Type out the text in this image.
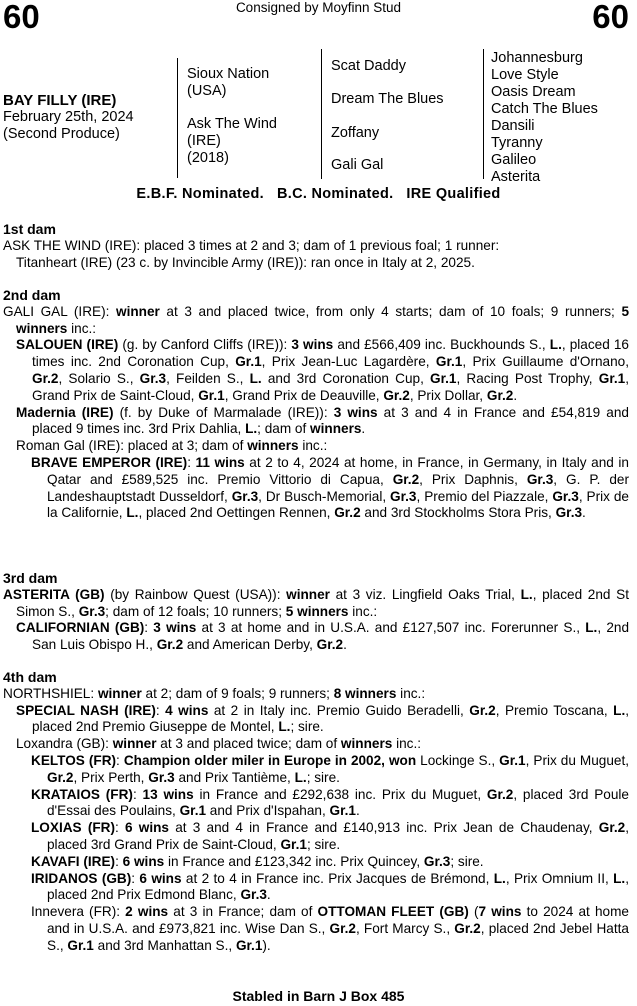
60	60
Consigned by Moyfinn Stud
BAY FILLY (IRE)
February 25th, 2024
(Second Produce)
Sioux Nation
(USA)
Ask The Wind
(IRE)
(2018)
Scat Daddy
Dream The Blues
Zoffany
Gali Gal
Johannesburg
Love Style
Oasis Dream
Catch The Blues
Dansili
Tyranny
Galileo
Asterita
E.B.F. Nominated.   B.C. Nominated.   IRE Qualified
1st dam

ASK THE WIND (IRE): placed 3 times at 2 and 3; dam of 1 previous foal; 1 runner:

Titanheart (IRE) (23 c. by Invincible Army (IRE)): ran once in Italy at 2, 2025.

2nd dam

GALI GAL (IRE): winner at 3 and placed twice, from only 4 starts; dam of 10 foals; 9 runners; 5 winners inc.:

SALOUEN (IRE) (g. by Canford Cliffs (IRE)): 3 wins and £566,409 inc. Buckhounds S., L., placed 16 times inc. 2nd Coronation Cup, Gr.1, Prix Jean-Luc Lagardère, Gr.1, Prix Guillaume d'Ornano, Gr.2, Solario S., Gr.3, Feilden S., L. and 3rd Coronation Cup, Gr.1, Racing Post Trophy, Gr.1, Grand Prix de Saint-Cloud, Gr.1, Grand Prix de Deauville, Gr.2, Prix Dollar, Gr.2.

Madernia (IRE) (f. by Duke of Marmalade (IRE)): 3 wins at 3 and 4 in France and £54,819 and placed 9 times inc. 3rd Prix Dahlia, L.; dam of winners.

Roman Gal (IRE): placed at 3; dam of winners inc.:

BRAVE EMPEROR (IRE): 11 wins at 2 to 4, 2024 at home, in France, in Germany, in Italy and in Qatar and £589,525 inc. Premio Vittorio di Capua, Gr.2, Prix Daphnis, Gr.3, G. P. der Landeshauptstadt Dusseldorf, Gr.3, Dr Busch-Memorial, Gr.3, Premio del Piazzale, Gr.3, Prix de la Californie, L., placed 2nd Oettingen Rennen, Gr.2 and 3rd Stockholms Stora Pris, Gr.3.

3rd dam

ASTERITA (GB) (by Rainbow Quest (USA)): winner at 3 viz. Lingfield Oaks Trial, L., placed 2nd St Simon S., Gr.3; dam of 12 foals; 10 runners; 5 winners inc.:

CALIFORNIAN (GB): 3 wins at 3 at home and in U.S.A. and £127,507 inc. Forerunner S., L., 2nd San Luis Obispo H., Gr.2 and American Derby, Gr.2.

4th dam

NORTHSHIEL: winner at 2; dam of 9 foals; 9 runners; 8 winners inc.:

SPECIAL NASH (IRE): 4 wins at 2 in Italy inc. Premio Guido Beradelli, Gr.2, Premio Toscana, L., placed 2nd Premio Giuseppe de Montel, L.; sire.

Loxandra (GB): winner at 3 and placed twice; dam of winners inc.:

KELTOS (FR): Champion older miler in Europe in 2002, won Lockinge S., Gr.1, Prix du Muguet, Gr.2, Prix Perth, Gr.3 and Prix Tantième, L.; sire.

KRATAIOS (FR): 13 wins in France and £292,638 inc. Prix du Muguet, Gr.2, placed 3rd Poule d'Essai des Poulains, Gr.1 and Prix d'Ispahan, Gr.1.

LOXIAS (FR): 6 wins at 3 and 4 in France and £140,913 inc. Prix Jean de Chaudenay, Gr.2, placed 3rd Grand Prix de Saint-Cloud, Gr.1; sire.

KAVAFI (IRE): 6 wins in France and £123,342 inc. Prix Quincey, Gr.3; sire.

IRIDANOS (GB): 6 wins at 2 to 4 in France inc. Prix Jacques de Brémond, L., Prix Omnium II, L., placed 2nd Prix Edmond Blanc, Gr.3.

Innevera (FR): 2 wins at 3 in France; dam of OTTOMAN FLEET (GB) (7 wins to 2024 at home and in U.S.A. and £973,821 inc. Wise Dan S., Gr.2, Fort Marcy S., Gr.2, placed 2nd Jebel Hatta S., Gr.1 and 3rd Manhattan S., Gr.1).

Stabled in Barn J Box 485
